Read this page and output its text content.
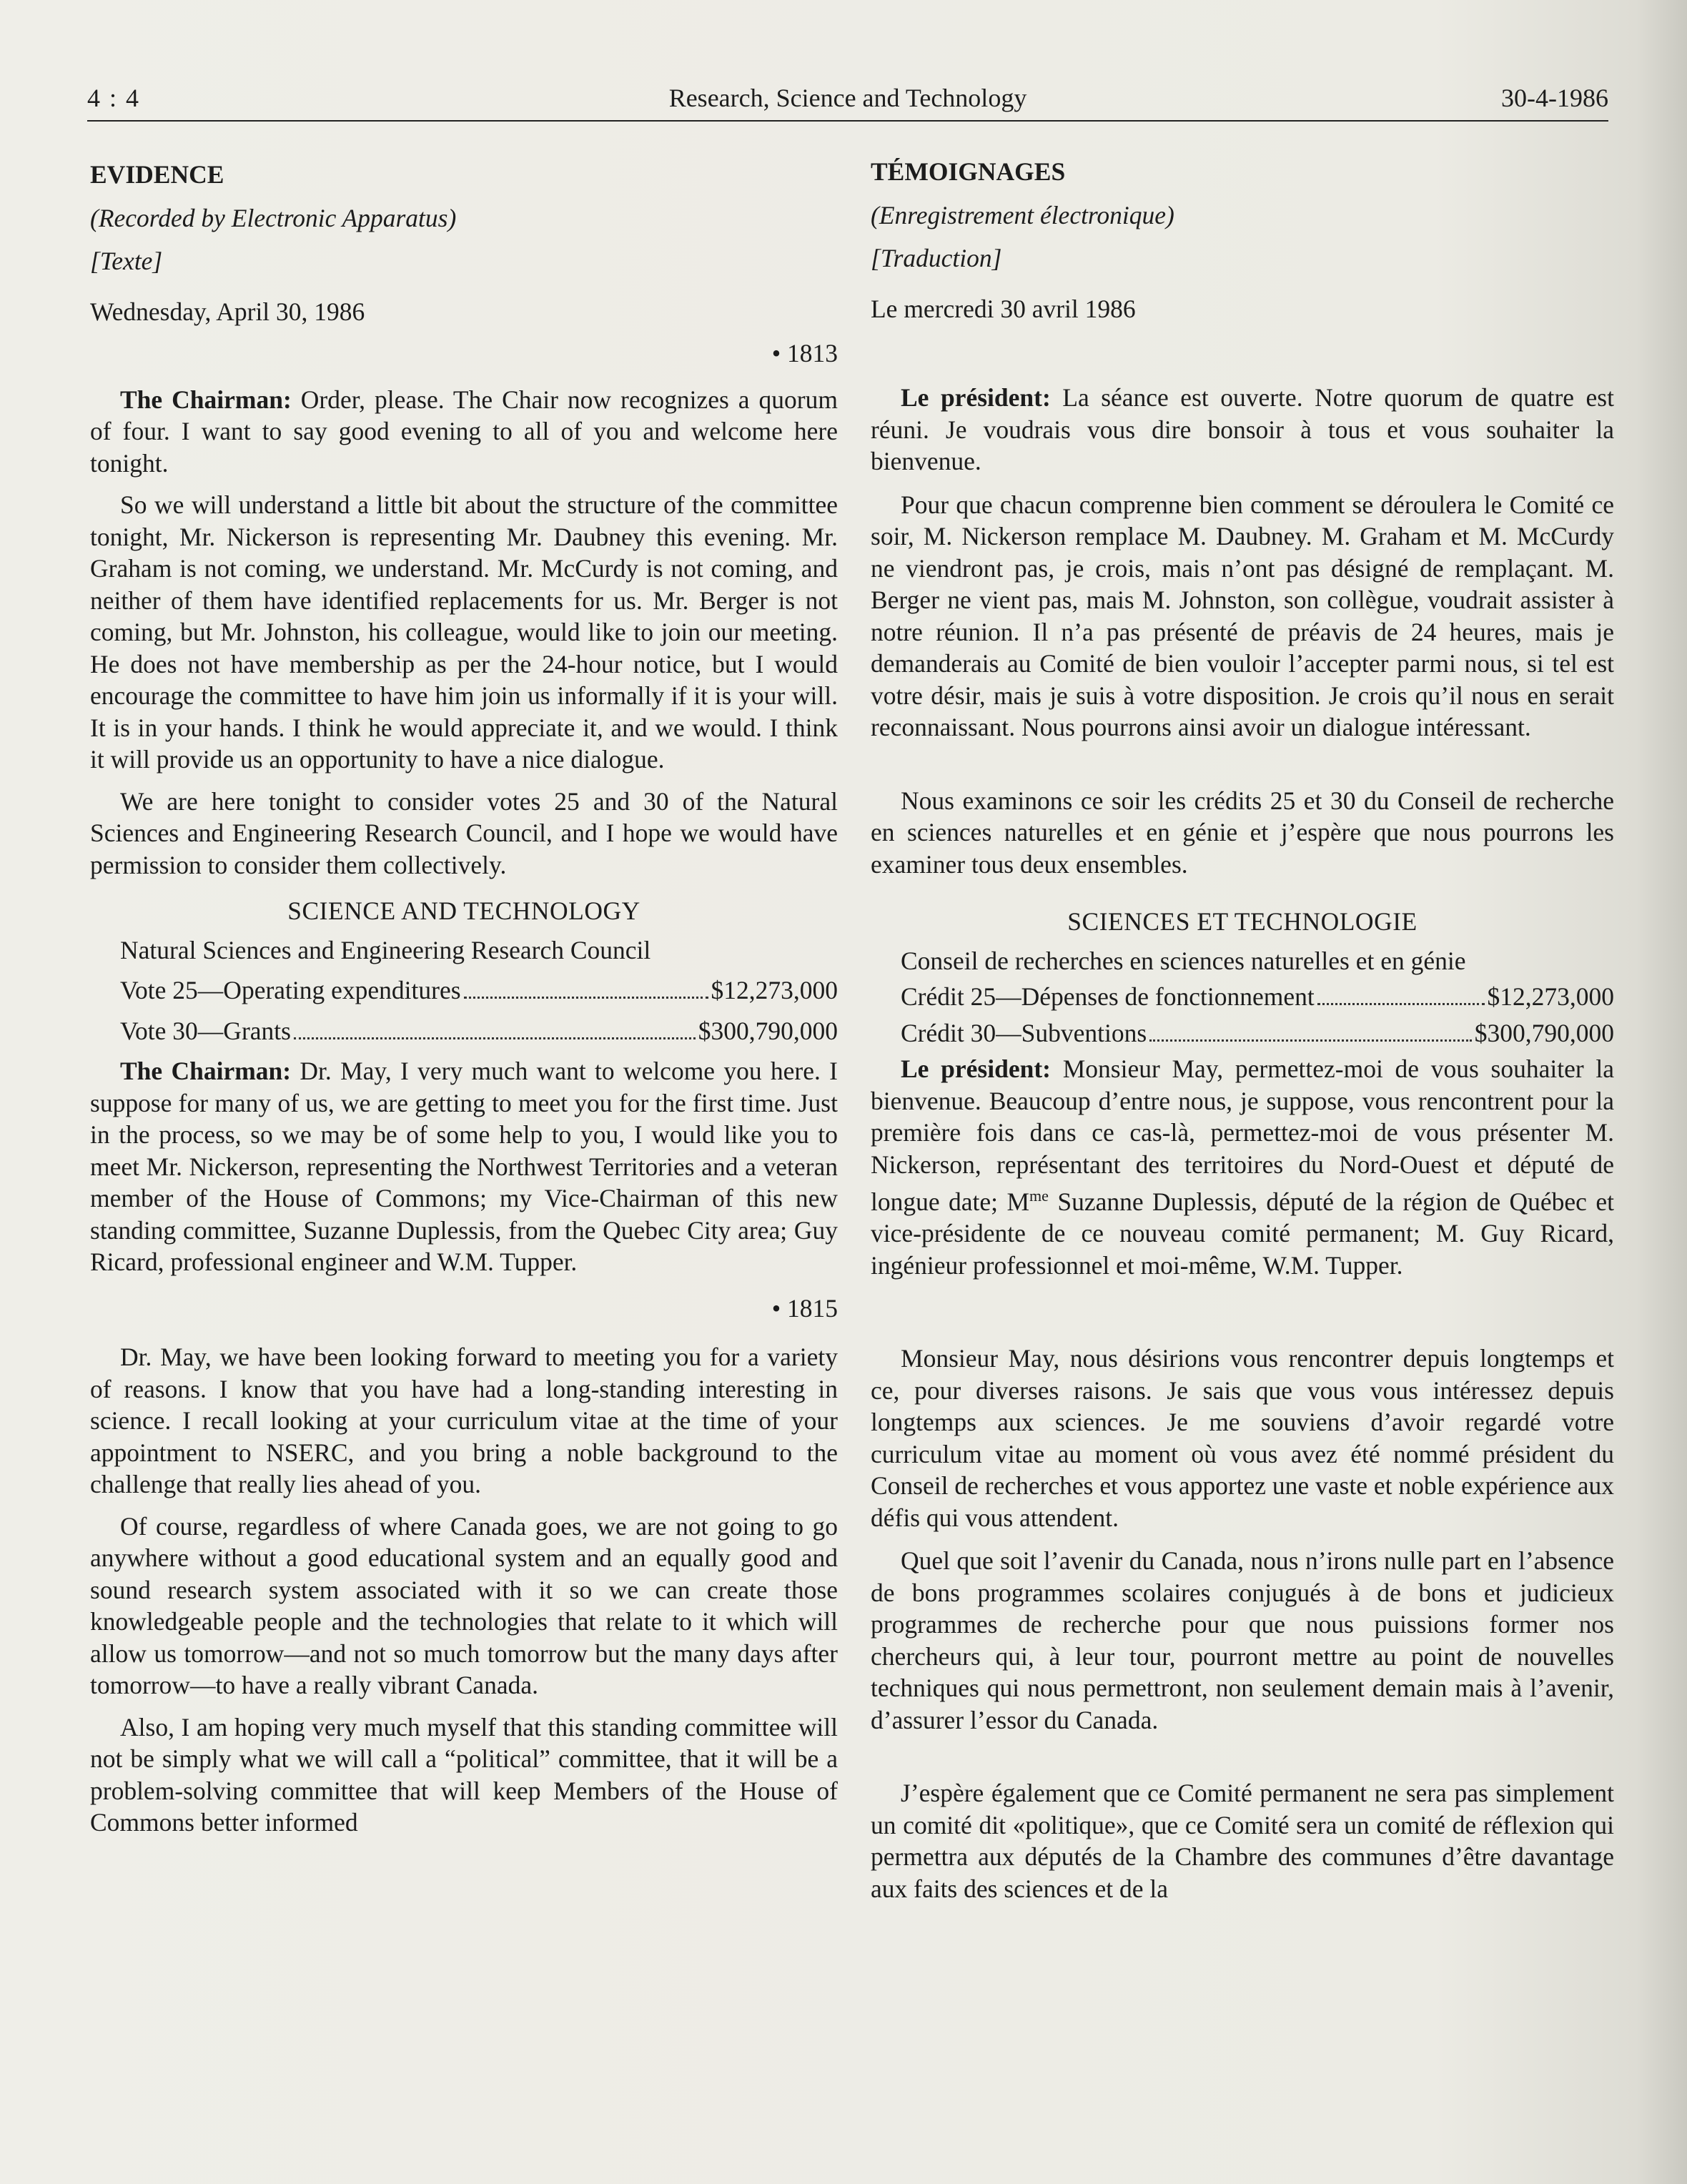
4 : 4	Research, Science and Technology	30-4-1986

EVIDENCE

(Recorded by Electronic Apparatus)

[Texte]

Wednesday, April 30, 1986

• 1813

The Chairman: Order, please. The Chair now recognizes a quorum of four. I want to say good evening to all of you and welcome here tonight.

So we will understand a little bit about the structure of the committee tonight, Mr. Nickerson is representing Mr. Daubney this evening. Mr. Graham is not coming, we understand. Mr. McCurdy is not coming, and neither of them have identified replacements for us. Mr. Berger is not coming, but Mr. Johnston, his colleague, would like to join our meeting. He does not have membership as per the 24-hour notice, but I would encourage the committee to have him join us informally if it is your will. It is in your hands. I think he would appreciate it, and we would. I think it will provide us an opportunity to have a nice dialogue.

We are here tonight to consider votes 25 and 30 of the Natural Sciences and Engineering Research Council, and I hope we would have permission to consider them collectively.

SCIENCE AND TECHNOLOGY

Natural Sciences and Engineering Research Council

Vote 25—Operating expenditures	$12,273,000
Vote 30—Grants	$300,790,000

The Chairman: Dr. May, I very much want to welcome you here. I suppose for many of us, we are getting to meet you for the first time. Just in the process, so we may be of some help to you, I would like you to meet Mr. Nickerson, representing the Northwest Territories and a veteran member of the House of Commons; my Vice-Chairman of this new standing committee, Suzanne Duplessis, from the Quebec City area; Guy Ricard, professional engineer and W.M. Tupper.

• 1815

Dr. May, we have been looking forward to meeting you for a variety of reasons. I know that you have had a long-standing interesting in science. I recall looking at your curriculum vitae at the time of your appointment to NSERC, and you bring a noble background to the challenge that really lies ahead of you.

Of course, regardless of where Canada goes, we are not going to go anywhere without a good educational system and an equally good and sound research system associated with it so we can create those knowledgeable people and the technologies that relate to it which will allow us tomorrow—and not so much tomorrow but the many days after tomorrow—to have a really vibrant Canada.

Also, I am hoping very much myself that this standing committee will not be simply what we will call a “political” committee, that it will be a problem-solving committee that will keep Members of the House of Commons better informed

TÉMOIGNAGES

(Enregistrement électronique)

[Traduction]

Le mercredi 30 avril 1986

Le président: La séance est ouverte. Notre quorum de quatre est réuni. Je voudrais vous dire bonsoir à tous et vous souhaiter la bienvenue.

Pour que chacun comprenne bien comment se déroulera le Comité ce soir, M. Nickerson remplace M. Daubney. M. Graham et M. McCurdy ne viendront pas, je crois, mais n’ont pas désigné de remplaçant. M. Berger ne vient pas, mais M. Johnston, son collègue, voudrait assister à notre réunion. Il n’a pas présenté de préavis de 24 heures, mais je demanderais au Comité de bien vouloir l’accepter parmi nous, si tel est votre désir, mais je suis à votre disposition. Je crois qu’il nous en serait reconnaissant. Nous pourrons ainsi avoir un dialogue intéressant.

Nous examinons ce soir les crédits 25 et 30 du Conseil de recherche en sciences naturelles et en génie et j’espère que nous pourrons les examiner tous deux ensembles.

SCIENCES ET TECHNOLOGIE

Conseil de recherches en sciences naturelles et en génie

Crédit 25—Dépenses de fonctionnement	$12,273,000
Crédit 30—Subventions	$300,790,000

Le président: Monsieur May, permettez-moi de vous souhaiter la bienvenue. Beaucoup d’entre nous, je suppose, vous rencontrent pour la première fois dans ce cas-là, permettez-moi de vous présenter M. Nickerson, représentant des territoires du Nord-Ouest et député de longue date; $M^{me}$ Suzanne Duplessis, député de la région de Québec et vice-présidente de ce nouveau comité permanent; M. Guy Ricard, ingénieur professionnel et moi-même, W.M. Tupper.

Monsieur May, nous désirions vous rencontrer depuis longtemps et ce, pour diverses raisons. Je sais que vous vous intéressez depuis longtemps aux sciences. Je me souviens d’avoir regardé votre curriculum vitae au moment où vous avez été nommé président du Conseil de recherches et vous apportez une vaste et noble expérience aux défis qui vous attendent.

Quel que soit l’avenir du Canada, nous n’irons nulle part en l’absence de bons programmes scolaires conjugués à de bons et judicieux programmes de recherche pour que nous puissions former nos chercheurs qui, à leur tour, pourront mettre au point de nouvelles techniques qui nous permettront, non seulement demain mais à l’avenir, d’assurer l’essor du Canada.

J’espère également que ce Comité permanent ne sera pas simplement un comité dit «politique», que ce Comité sera un comité de réflexion qui permettra aux députés de la Chambre des communes d’être davantage aux faits des sciences et de la
